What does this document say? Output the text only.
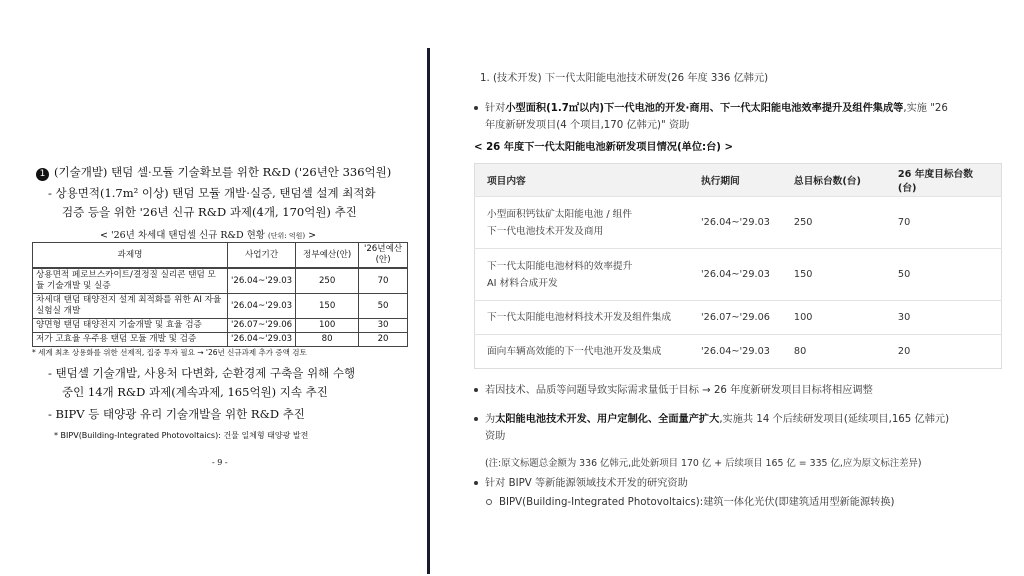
1 (기술개발) 탠덤 셀·모듈 기술확보를 위한 R&D ('26년안 336억원)
- 상용면적(1.7m² 이상) 탠덤 모듈 개발·실증, 탠덤셀 설계 최적화
검증 등을 위한 '26년 신규 R&D 과제(4개, 170억원) 추진
< '26년 차세대 탠덤셀 신규 R&D 현황 (단위: 억원) >
과제명	사업기간	정부예산(안)	'26년예산(안)
상용면적 페로브스카이트/결정질 실리콘 탠덤 모듈 기술개발 및 실증	'26.04~'29.03	250	70
차세대 탠덤 태양전지 설계 최적화를 위한 AI 자율실험실 개발	'26.04~'29.03	150	50
양면형 탠덤 태양전지 기술개발 및 효율 검증	'26.07~'29.06	100	30
저가 고효율 우주용 탠덤 모듈 개발 및 검증	'26.04~'29.03	80	20
* 세계 최초 상용화를 위한 선제적, 집중 투자 필요 → '26년 신규과제 추가 증액 검토
- 탠덤셀 기술개발, 사용처 다변화, 순환경제 구축을 위해 수행
중인 14개 R&D 과제(계속과제, 165억원) 지속 추진
- BIPV 등 태양광 유리 기술개발을 위한 R&D 추진
* BIPV(Building-Integrated Photovoltaics): 건물 일체형 태양광 발전
- 9 -
1. (技术开发) 下一代太阳能电池技术研发(26 年度 336 亿韩元)
针对小型面积(1.7㎡以内)下一代电池的开发·商用、下一代太阳能电池效率提升及组件集成等,实施 "26
年度新研发项目(4 个项目,170 亿韩元)" 资助
< 26 年度下一代太阳能电池新研发项目情况(单位:台) >
项目内容	执行期间	总目标台数(台)	26 年度目标台数(台)

小型面积钙钛矿太阳能电池 / 组件
下一代电池技术开发及商用	'26.04~'29.03	250	70

下一代太阳能电池材料的效率提升
AI 材料合成开发	'26.04~'29.03	150	50
下一代太阳能电池材料技术开发及组件集成	'26.07~'29.06	100	30
面向车辆高效能的下一代电池开发及集成	'26.04~'29.03	80	20
若因技术、品质等问题导致实际需求量低于目标 → 26 年度新研发项目目标将相应调整
为太阳能电池技术开发、用户定制化、全面量产扩大,实施共 14 个后续研发项目(延续项目,165 亿韩元)
资助
(注:原文标题总金额为 336 亿韩元,此处新项目 170 亿 + 后续项目 165 亿 = 335 亿,应为原文标注差异)
针对 BIPV 等新能源领域技术开发的研究资助
BIPV(Building-Integrated Photovoltaics):建筑一体化光伏(即建筑适用型新能源转换)
